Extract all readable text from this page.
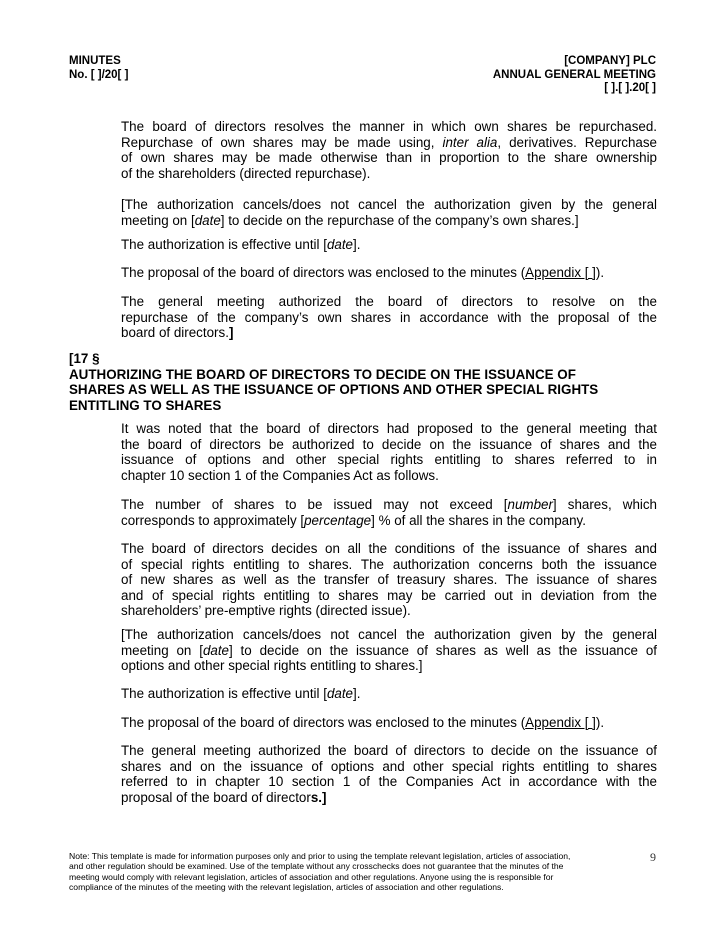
MINUTES
No. [ ]/20[ ]
[COMPANY] PLC
ANNUAL GENERAL MEETING
[ ].[ ].20[ ]
The board of directors resolves the manner in which own shares be repurchased.
Repurchase of own shares may be made using, inter alia, derivatives. Repurchase
of own shares may be made otherwise than in proportion to the share ownership
of the shareholders (directed repurchase).
[The authorization cancels/does not cancel the authorization given by the general
meeting on [date] to decide on the repurchase of the company’s own shares.]
The authorization is effective until [date].
The proposal of the board of directors was enclosed to the minutes (Appendix [ ]).
The general meeting authorized the board of directors to resolve on the
repurchase of the company’s own shares in accordance with the proposal of the
board of directors.]
[17 §
AUTHORIZING THE BOARD OF DIRECTORS TO DECIDE ON THE ISSUANCE OF
SHARES AS WELL AS THE ISSUANCE OF OPTIONS AND OTHER SPECIAL RIGHTS
ENTITLING TO SHARES
It was noted that the board of directors had proposed to the general meeting that
the board of directors be authorized to decide on the issuance of shares and the
issuance of options and other special rights entitling to shares referred to in
chapter 10 section 1 of the Companies Act as follows.
The number of shares to be issued may not exceed [number] shares, which
corresponds to approximately [percentage] % of all the shares in the company.
The board of directors decides on all the conditions of the issuance of shares and
of special rights entitling to shares. The authorization concerns both the issuance
of new shares as well as the transfer of treasury shares. The issuance of shares
and of special rights entitling to shares may be carried out in deviation from the
shareholders’ pre-emptive rights (directed issue).
[The authorization cancels/does not cancel the authorization given by the general
meeting on [date] to decide on the issuance of shares as well as the issuance of
options and other special rights entitling to shares.]
The authorization is effective until [date].
The proposal of the board of directors was enclosed to the minutes (Appendix [ ]).
The general meeting authorized the board of directors to decide on the issuance of
shares and on the issuance of options and other special rights entitling to shares
referred to in chapter 10 section 1 of the Companies Act in accordance with the
proposal of the board of directors.]
Note: This template is made for information purposes only and prior to using the template relevant legislation, articles of association,
and other regulation should be examined. Use of the template without any crosschecks does not guarantee that the minutes of the
meeting would comply with relevant legislation, articles of association and other regulations. Anyone using the is responsible for
compliance of the minutes of the meeting with the relevant legislation, articles of association and other regulations.
9
